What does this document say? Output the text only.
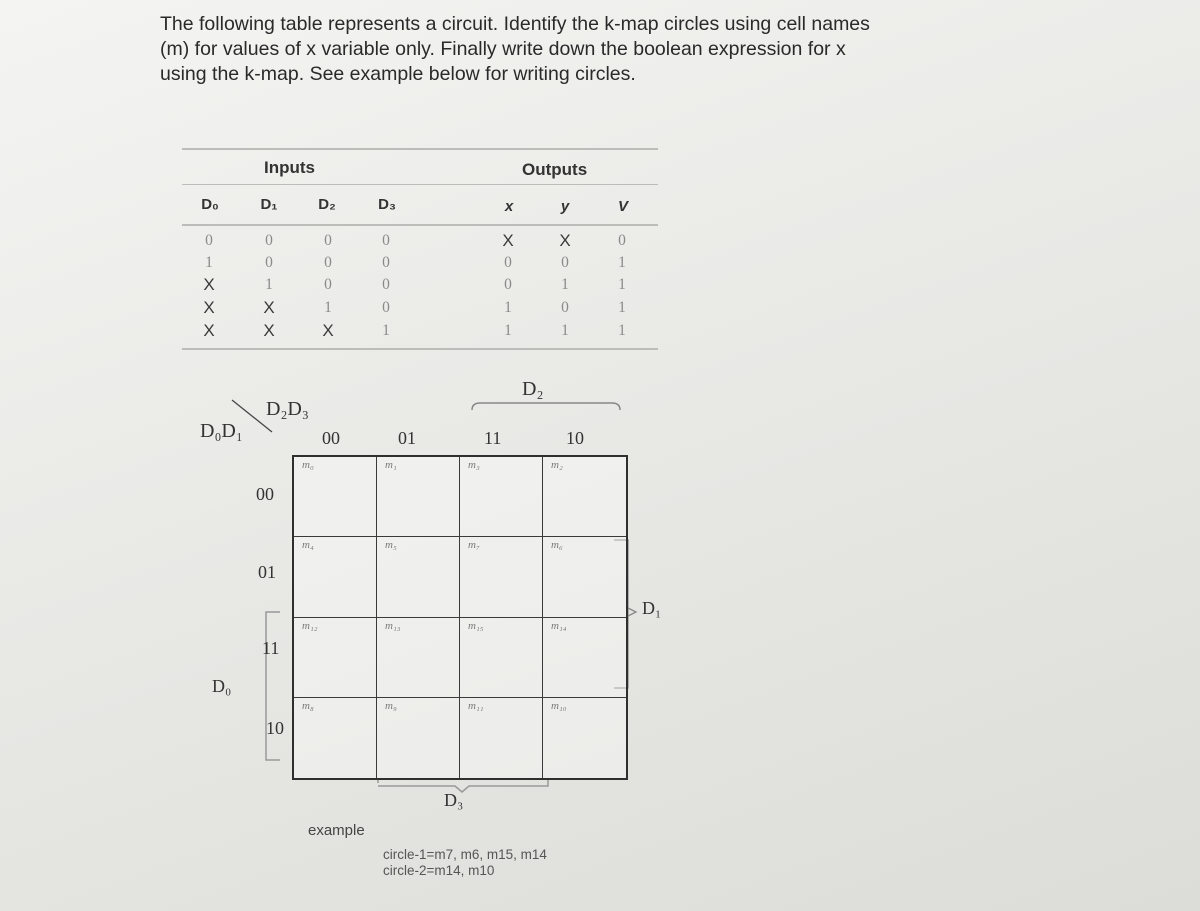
The following table represents a circuit. Identify the k-map circles using cell names
(m) for values of x variable only. Finally write down the boolean expression for x
using the k-map. See example below for writing circles.
Inputs	Outputs
D₀	D₁	D₂	D₃	x	y	V
0	0	0	0	X	X	0
1	0	0	0	0	0	1
X	1	0	0	0	1	1
X	X	1	0	1	0	1
X	X	X	1	1	1	1
D₂D₃
D₀D₁
D₂
D₁
D₀
D₃
00	01	11	10
00
01
11
10
m₀	m₁	m₃	m₂
m₄	m₅	m₇	m₆
m₁₂	m₁₃	m₁₅	m₁₄
m₈	m₉	m₁₁	m₁₀
example
circle-1=m7, m6, m15, m14
circle-2=m14, m10
